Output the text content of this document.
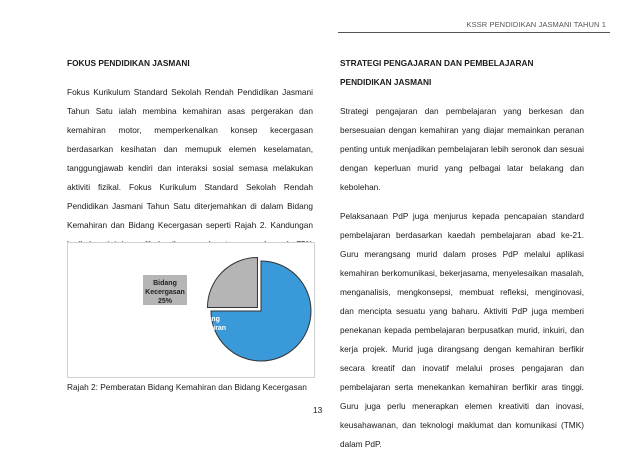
KSSR PENDIDIKAN JASMANI TAHUN 1
FOKUS PENDIDIKAN JASMANI
Fokus Kurikulum Standard Sekolah Rendah Pendidikan Jasmani
Tahun Satu ialah membina kemahiran asas pergerakan dan
kemahiran motor, memperkenalkan konsep kecergasan
berdasarkan kesihatan dan memupuk elemen keselamatan,
tanggungjawab kendiri dan interaksi sosial semasa melakukan
aktiviti fizikal. Fokus Kurikulum Standard Sekolah Rendah
Pendidikan Jasmani Tahun Satu diterjemahkan di dalam Bidang
Kemahiran dan Bidang Kecergasan seperti Rajah 2. Kandungan
Bidang
Kemahiran
75%
Bidang
Kecergasan
25%
Rajah 2: Pemberatan Bidang Kemahiran dan Bidang Kecergasan
STRATEGI PENGAJARAN DAN PEMBELAJARAN
PENDIDIKAN JASMANI
Strategi pengajaran dan pembelajaran yang berkesan dan
bersesuaian dengan kemahiran yang diajar memainkan peranan
penting untuk menjadikan pembelajaran lebih seronok dan sesuai
dengan keperluan murid yang pelbagai latar belakang dan
kebolehan.
Pelaksanaan PdP juga menjurus kepada pencapaian standard
pembelajaran berdasarkan kaedah pembelajaran abad ke-21.
Guru merangsang murid dalam proses PdP melalui aplikasi
kemahiran berkomunikasi, bekerjasama, menyelesaikan masalah,
menganalisis, mengkonsepsi, membuat refleksi, menginovasi,
dan mencipta sesuatu yang baharu. Aktiviti PdP juga memberi
penekanan kepada pembelajaran berpusatkan murid, inkuiri, dan
kerja projek. Murid juga dirangsang dengan kemahiran berfikir
secara kreatif dan inovatif melalui proses pengajaran dan
pembelajaran serta menekankan kemahiran berfikir aras tinggi.
Guru juga perlu menerapkan elemen kreativiti dan inovasi,
keusahawanan, dan teknologi maklumat dan komunikasi (TMK)
dalam PdP.
13
